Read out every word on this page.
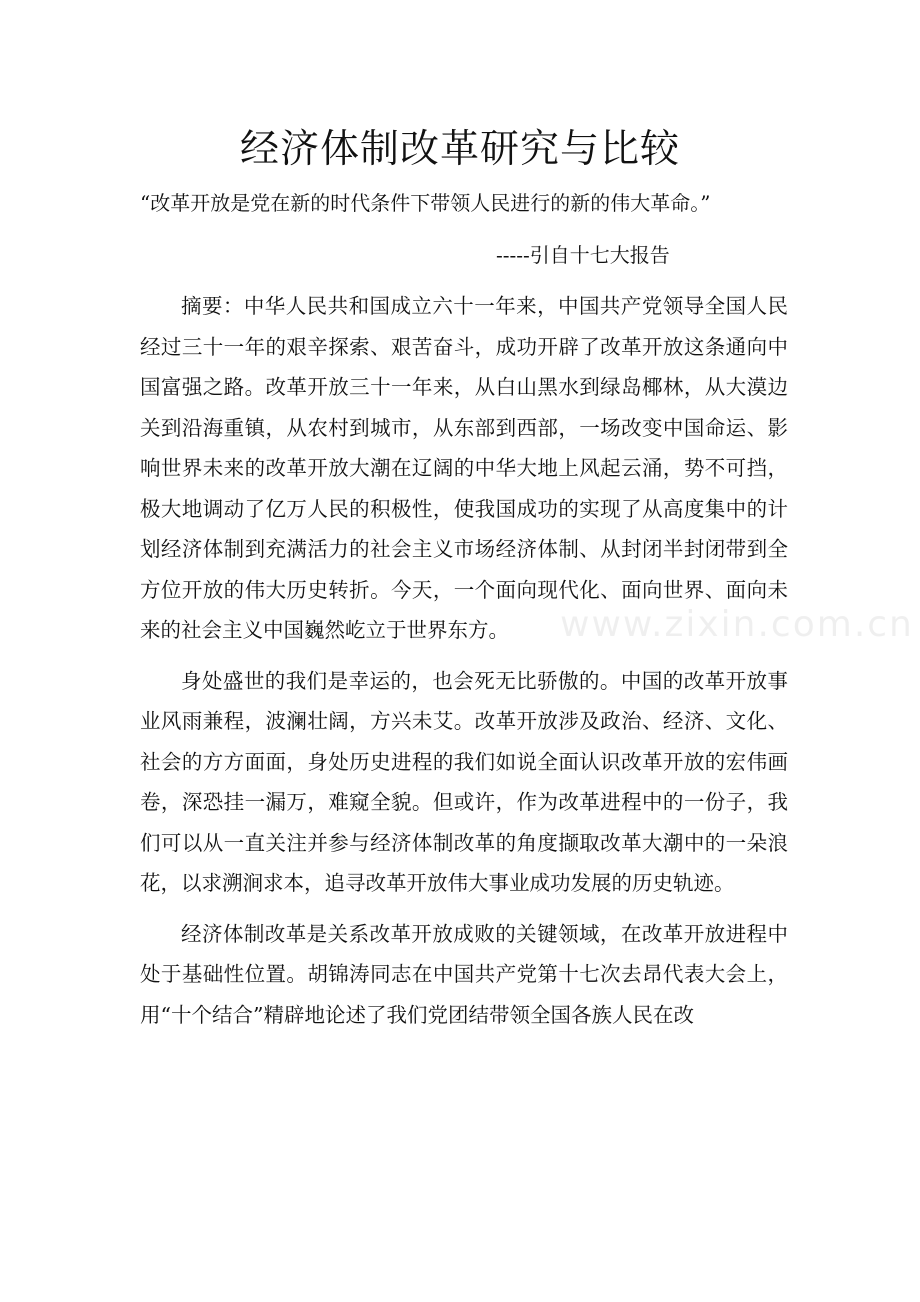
经济体制改革研究与比较
“改革开放是党在新的时代条件下带领人民进行的新的伟大革命。”
-----引自十七大报告

摘要：中华人民共和国成立六十一年来，中国共产党领导全国人民经过三十一年的艰辛探索、艰苦奋斗，成功开辟了改革开放这条通向中国富强之路。改革开放三十一年来，从白山黑水到绿岛椰林，从大漠边关到沿海重镇，从农村到城市，从东部到西部，一场改变中国命运、影响世界未来的改革开放大潮在辽阔的中华大地上风起云涌，势不可挡，极大地调动了亿万人民的积极性，使我国成功的实现了从高度集中的计划经济体制到充满活力的社会主义市场经济体制、从封闭半封闭带到全方位开放的伟大历史转折。今天，一个面向现代化、面向世界、面向未来的社会主义中国巍然屹立于世界东方。

身处盛世的我们是幸运的，也会死无比骄傲的。中国的改革开放事业风雨兼程，波澜壮阔，方兴未艾。改革开放涉及政治、经济、文化、社会的方方面面，身处历史进程的我们如说全面认识改革开放的宏伟画卷，深恐挂一漏万，难窥全貌。但或许，作为改革进程中的一份子，我们可以从一直关注并参与经济体制改革的角度撷取改革大潮中的一朵浪花，以求溯涧求本，追寻改革开放伟大事业成功发展的历史轨迹。

经济体制改革是关系改革开放成败的关键领域，在改革开放进程中处于基础性位置。胡锦涛同志在中国共产党第十七次去昂代表大会上，用“十个结合”精辟地论述了我们党团结带领全国各族人民在改

www.zixin.com.cn
